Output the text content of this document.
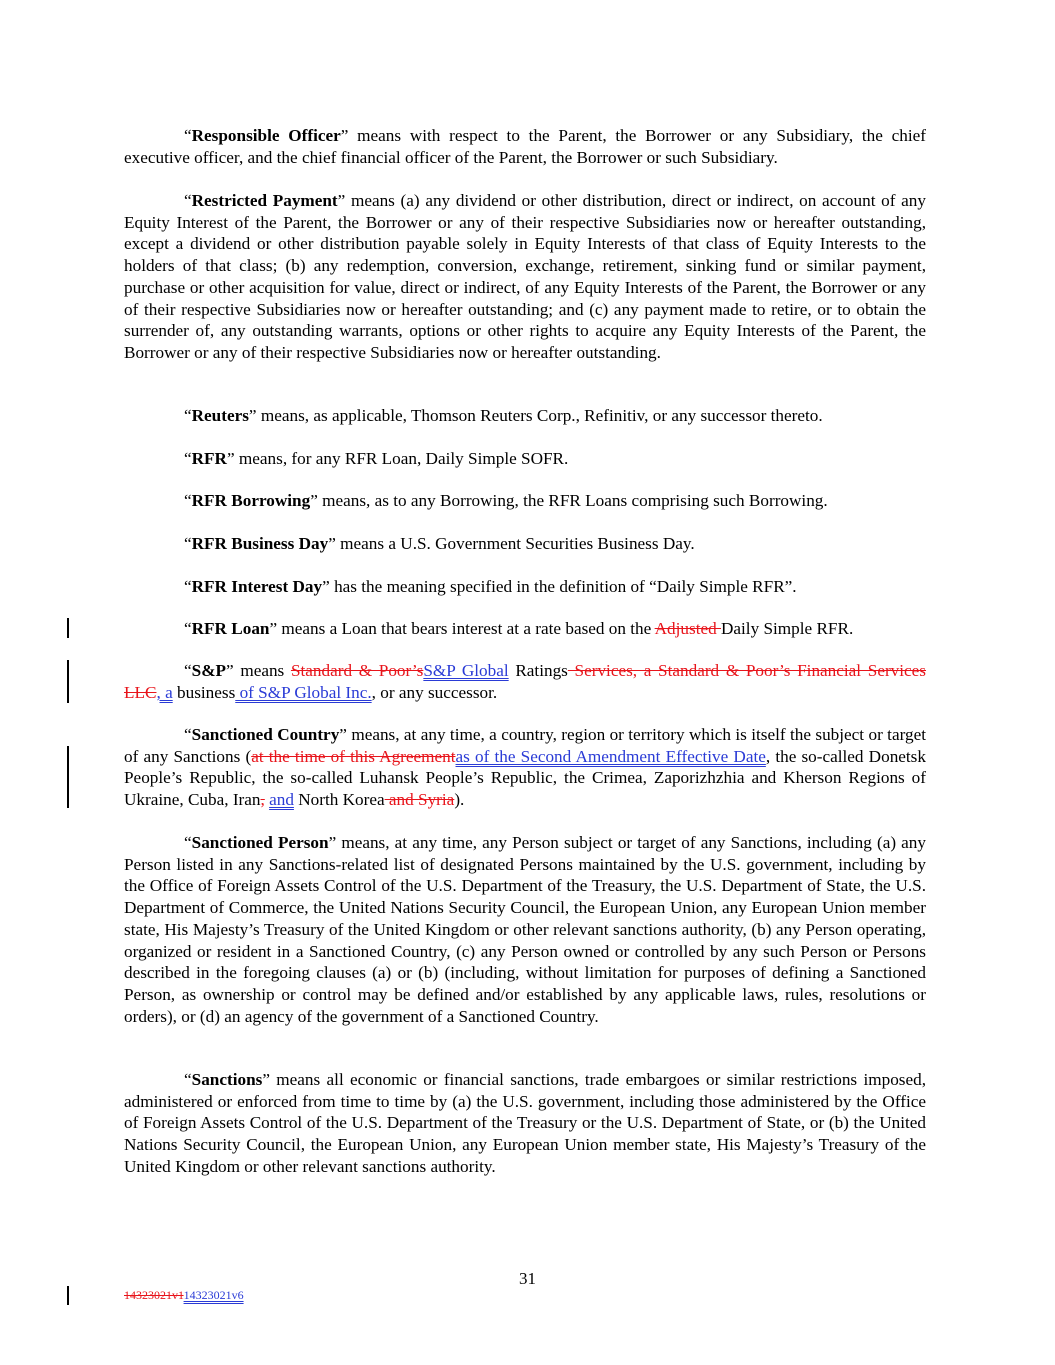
“Responsible Officer” means with respect to the Parent, the Borrower or any Subsidiary, the chief executive officer, and the chief financial officer of the Parent, the Borrower or such Subsidiary.

“Restricted Payment” means (a) any dividend or other distribution, direct or indirect, on account of any Equity Interest of the Parent, the Borrower or any of their respective Subsidiaries now or hereafter outstanding, except a dividend or other distribution payable solely in Equity Interests of that class of Equity Interests to the holders of that class; (b) any redemption, conversion, exchange, retirement, sinking fund or similar payment, purchase or other acquisition for value, direct or indirect, of any Equity Interests of the Parent, the Borrower or any of their respective Subsidiaries now or hereafter outstanding; and (c) any payment made to retire, or to obtain the surrender of, any outstanding warrants, options or other rights to acquire any Equity Interests of the Parent, the Borrower or any of their respective Subsidiaries now or hereafter outstanding.

“Reuters” means, as applicable, Thomson Reuters Corp., Refinitiv, or any successor thereto.

“RFR” means, for any RFR Loan, Daily Simple SOFR.

“RFR Borrowing” means, as to any Borrowing, the RFR Loans comprising such Borrowing.

“RFR Business Day” means a U.S. Government Securities Business Day.

“RFR Interest Day” has the meaning specified in the definition of “Daily Simple RFR”.

“RFR Loan” means a Loan that bears interest at a rate based on the Adjusted Daily Simple RFR.

“S&P” means Standard & Poor’sS&P Global Ratings Services, a Standard & Poor’s Financial Services LLC, a business of S&P Global Inc., or any successor.

“Sanctioned Country” means, at any time, a country, region or territory which is itself the subject or target of any Sanctions (at the time of this Agreementas of the Second Amendment Effective Date, the so-called Donetsk People’s Republic, the so-called Luhansk People’s Republic, the Crimea, Zaporizhzhia and Kherson Regions of Ukraine, Cuba, Iran, and North Korea and Syria).

“Sanctioned Person” means, at any time, any Person subject or target of any Sanctions, including (a) any Person listed in any Sanctions-related list of designated Persons maintained by the U.S. government, including by the Office of Foreign Assets Control of the U.S. Department of the Treasury, the U.S. Department of State, the U.S. Department of Commerce, the United Nations Security Council, the European Union, any European Union member state, His Majesty’s Treasury of the United Kingdom or other relevant sanctions authority, (b) any Person operating, organized or resident in a Sanctioned Country, (c) any Person owned or controlled by any such Person or Persons described in the foregoing clauses (a) or (b) (including, without limitation for purposes of defining a Sanctioned Person, as ownership or control may be defined and/or established by any applicable laws, rules, resolutions or orders), or (d) an agency of the government of a Sanctioned Country.

“Sanctions” means all economic or financial sanctions, trade embargoes or similar restrictions imposed, administered or enforced from time to time by (a) the U.S. government, including those administered by the Office of Foreign Assets Control of the U.S. Department of the Treasury or the U.S. Department of State, or (b) the United Nations Security Council, the European Union, any European Union member state, His Majesty’s Treasury of the United Kingdom or other relevant sanctions authority.

31
14323021v114323021v6
